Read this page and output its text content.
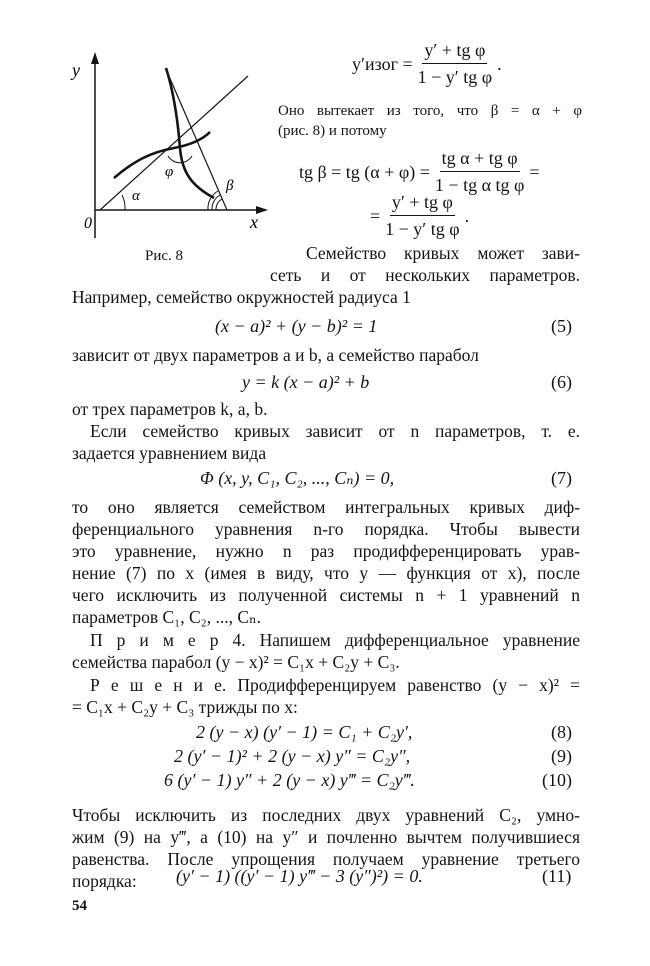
y
x
0
α
φ
β
Рис. 8
y′изог = $\frac{\text{y′ + tg φ}}{\text{1 − y′ tg φ}}$ .
Оно вытекает из того, что β = α + φ
(рис. 8) и потому
tg β = tg $(\alpha + \varphi) = \frac{\text{tg α + tg φ}}{\text{1 − tg α tg φ}}$ =
= $\frac{\text{y′ + tg φ}}{\text{1 − y′ tg φ}}$ .
Семейство кривых может зави-
сеть и от нескольких параметров.
Например, семейство окружностей радиуса 1
(x − a)² + (y − b)² = 1	(5)
зависит от двух параметров a и b, а семейство парабол
y = k (x − a)² + b	(6)
от трех параметров k, a, b.
Если семейство кривых зависит от n параметров, т. е.
задается уравнением вида
Φ (x, y, C₁, C₂, ..., Cₙ) = 0,	(7)
то оно является семейством интегральных кривых диф-
ференциального уравнения n-го порядка. Чтобы вывести
это уравнение, нужно n раз продифференцировать урав-
нение (7) по x (имея в виду, что y — функция от x), после
чего исключить из полученной системы n + 1 уравнений n
параметров C₁, C₂, ..., Cₙ.
П р и м е р 4. Напишем дифференциальное уравнение
семейства парабол (y − x)² = C₁x + C₂y + C₃.
Р е ш е н и е. Продифференцируем равенство (y − x)² =
= C₁x + C₂y + C₃ трижды по x:
2 (y − x) (y′ − 1) = C₁ + C₂y′,	(8)
2 (y′ − 1)² + 2 (y − x) y″ = C₂y″,	(9)
6 (y′ − 1) y″ + 2 (y − x) y‴ = C₂y‴.	(10)
Чтобы исключить из последних двух уравнений C₂, умно-
жим (9) на y‴, а (10) на y″ и почленно вычтем получившиеся
равенства. После упрощения получаем уравнение третьего
порядка: (y′ − 1) ((y′ − 1) y‴ − 3 (y″)²) = 0.	(11)
54
